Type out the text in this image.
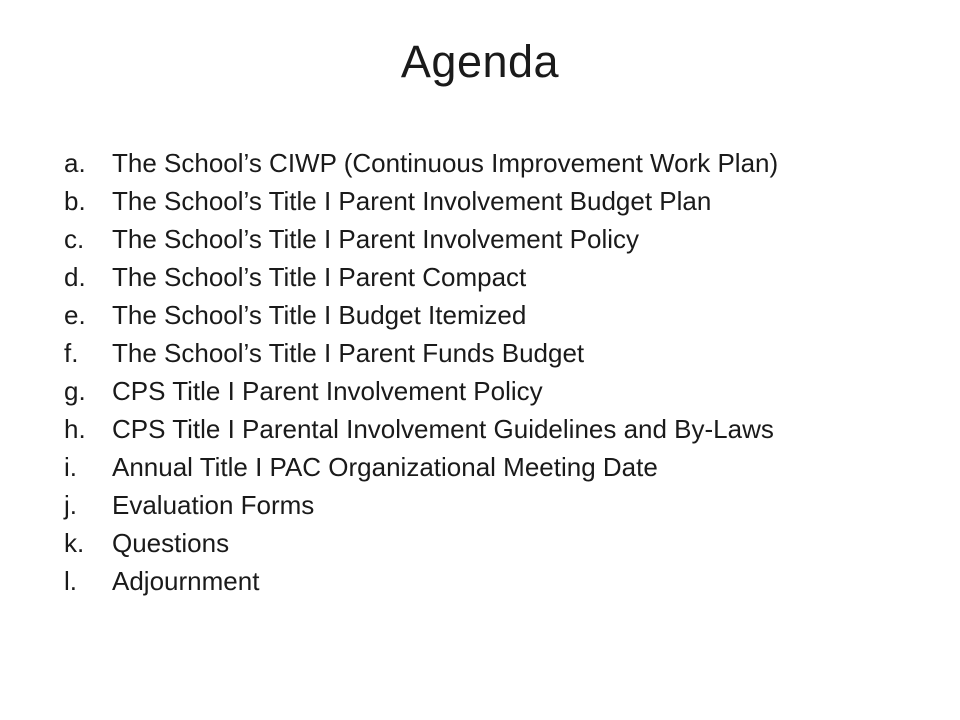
Agenda
a.	The School’s CIWP (Continuous Improvement Work Plan)
b.	The School’s Title I Parent Involvement Budget Plan
c.	The School’s Title I Parent Involvement Policy
d.	The School’s Title I Parent Compact
e.	The School’s Title I Budget Itemized
f.	The School’s Title I Parent Funds Budget
g.	CPS Title I Parent Involvement Policy
h.	CPS Title I Parental Involvement Guidelines and By-Laws
i.	Annual Title I PAC Organizational Meeting Date
j.	Evaluation Forms
k.	Questions
l.	Adjournment
